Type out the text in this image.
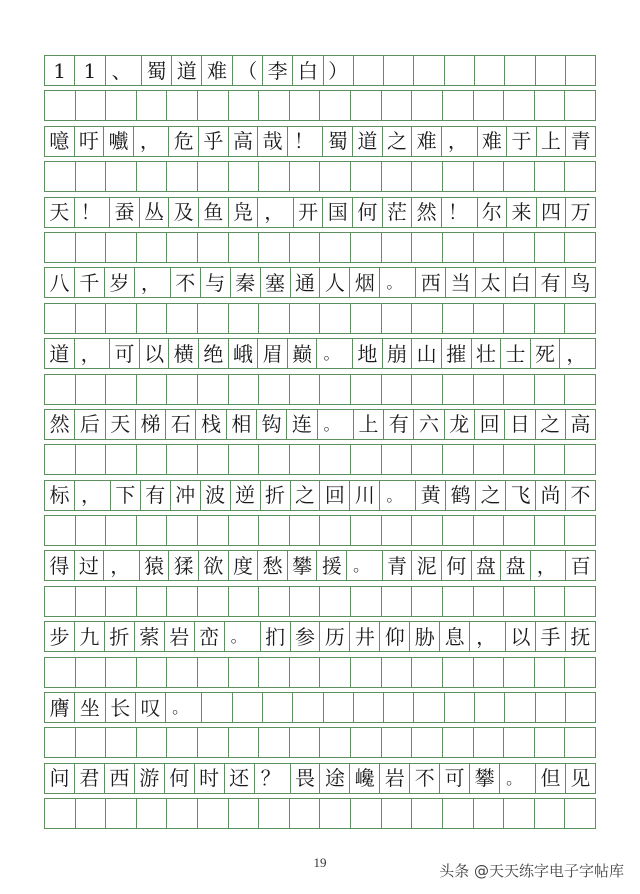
1 1 、 蜀 道 难 （ 李 白 ）
噫 吁 嚱 ， 危 乎 高 哉 ！ 蜀 道 之 难 ， 难 于 上 青
天 ！ 蚕 丛 及 鱼 凫 ， 开 国 何 茫 然 ！ 尔 来 四 万
八 千 岁 ， 不 与 秦 塞 通 人 烟 。 西 当 太 白 有 鸟
道 ， 可 以 横 绝 峨 眉 巅 。 地 崩 山 摧 壮 士 死 ，
然 后 天 梯 石 栈 相 钩 连 。 上 有 六 龙 回 日 之 高
标 ， 下 有 冲 波 逆 折 之 回 川 。 黄 鹤 之 飞 尚 不
得 过 ， 猿 猱 欲 度 愁 攀 援 。 青 泥 何 盘 盘 ， 百
步 九 折 萦 岩 峦 。 扪 参 历 井 仰 胁 息 ， 以 手 抚
膺 坐 长 叹 。
问 君 西 游 何 时 还 ？ 畏 途 巉 岩 不 可 攀 。 但 见
19	头条 @天天练字电子字帖库
